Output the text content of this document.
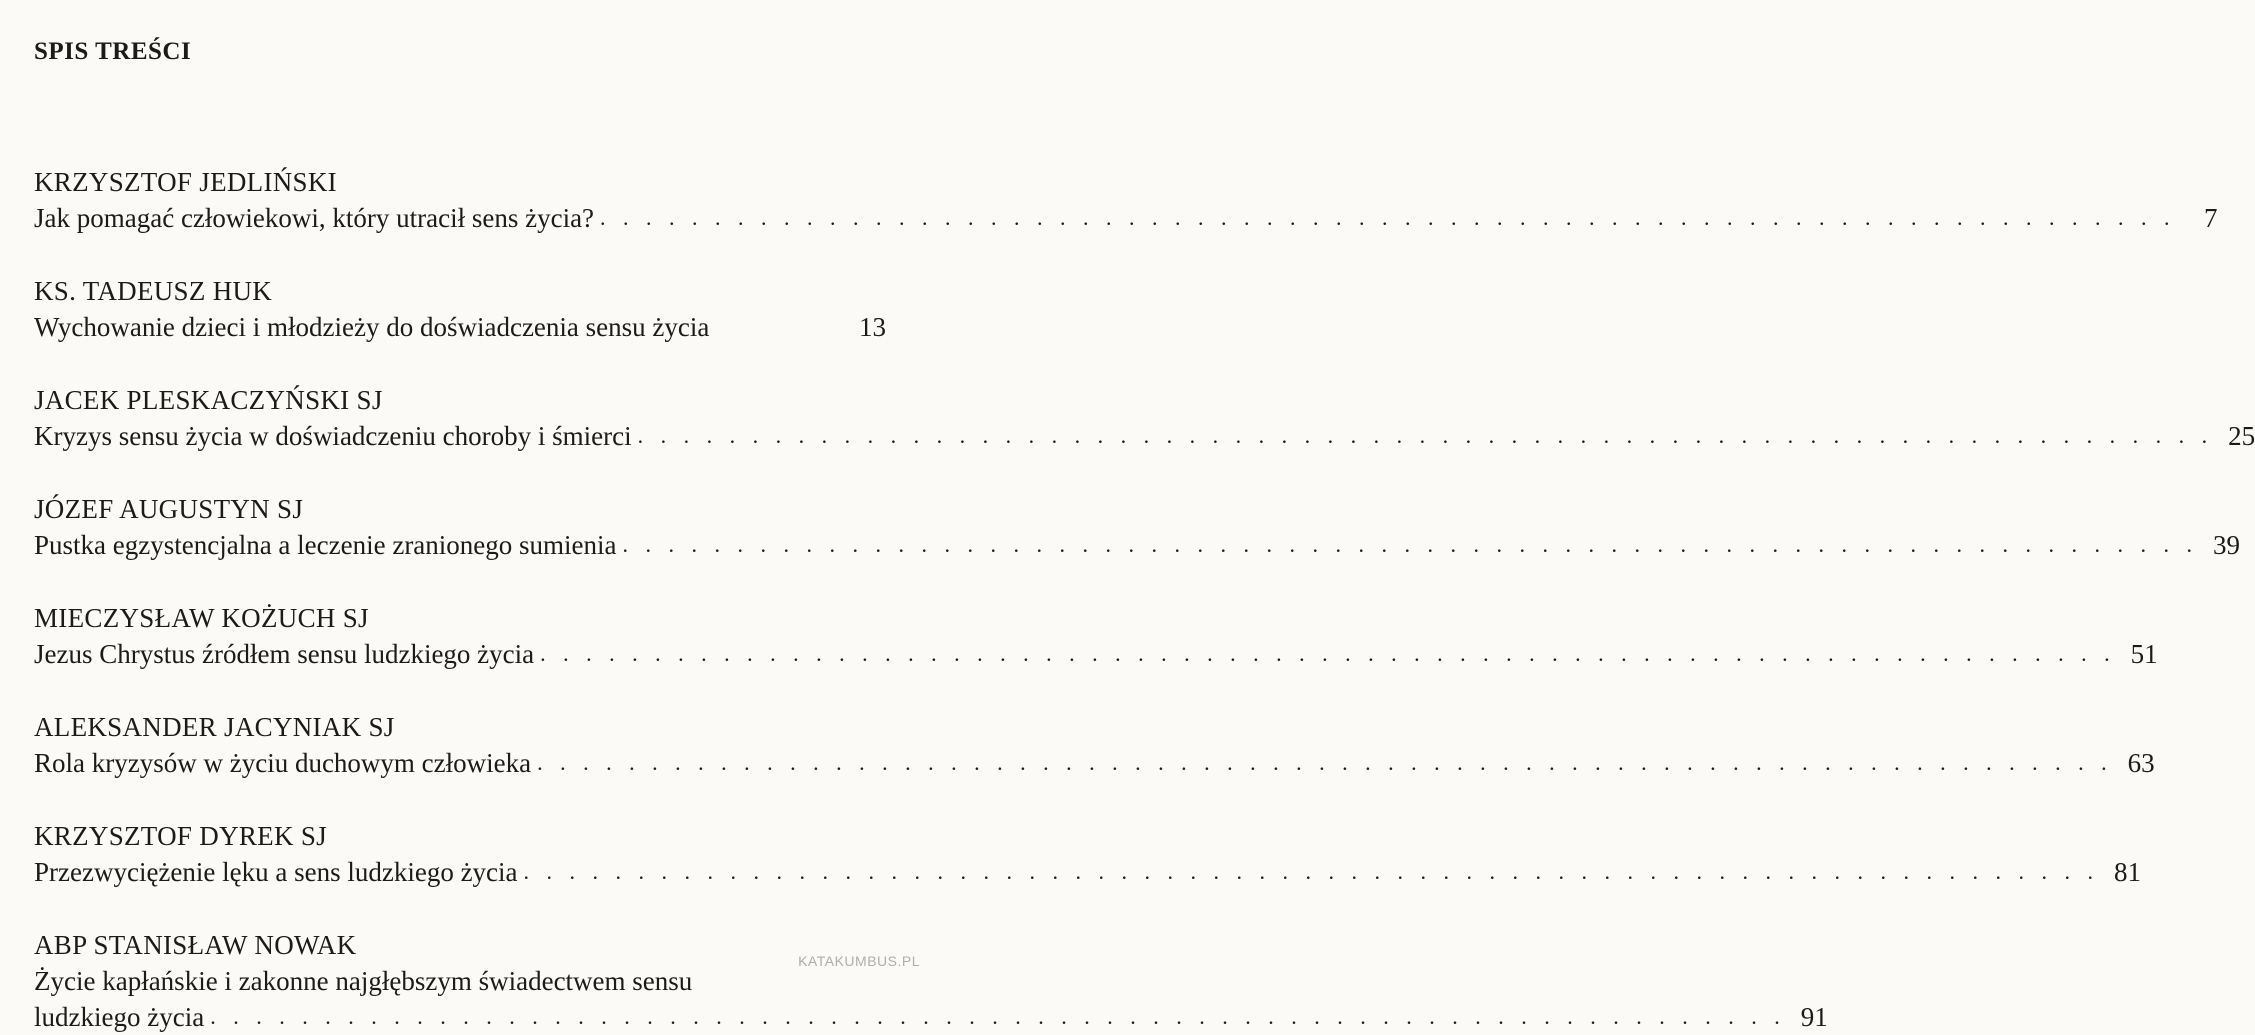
SPIS TREŚCI
KRZYSZTOF JEDLIŃSKI
Jak pomagać człowiekowi, który utracił sens życia? . . . . . . . . . . . . . . . . . . . . . . . . . . . . . . . . . . . . . . . . . . . . . . . . . . . . . . . . . . . . . . . . . . . . .	7
KS. TADEUSZ HUK
Wychowanie dzieci i młodzieży do doświadczenia sensu życia	13
JACEK PLESKACZYŃSKI SJ
Kryzys sensu życia w doświadczeniu choroby i śmierci . . . . . . . . . . . . . . . . . . . . . . . . . . . . . . . . . . . . . . . . . . . . . . . . . . . . . . . . . . . . . . . . . . . . . 25
JÓZEF AUGUSTYN SJ
Pustka egzystencjalna a leczenie zranionego sumienia . . . . . . . . . . . . . . . . . . . . . . . . . . . . . . . . . . . . . . . . . . . . . . . . . . . . . . . . . . . . . . . . . . . . . 39
MIECZYSŁAW KOŻUCH SJ
Jezus Chrystus źródłem sensu ludzkiego życia . . . . . . . . . . . . . . . . . . . . . . . . . . . . . . . . . . . . . . . . . . . . . . . . . . . . . . . . . . . . . . . . . . . . . 51
ALEKSANDER JACYNIAK SJ
Rola kryzysów w życiu duchowym człowieka . . . . . . . . . . . . . . . . . . . . . . . . . . . . . . . . . . . . . . . . . . . . . . . . . . . . . . . . . . . . . . . . . . . . . 63
KRZYSZTOF DYREK SJ
Przezwyciężenie lęku a sens ludzkiego życia . . . . . . . . . . . . . . . . . . . . . . . . . . . . . . . . . . . . . . . . . . . . . . . . . . . . . . . . . . . . . . . . . . . . . 81
ABP STANISŁAW NOWAK
Życie kapłańskie i zakonne najgłębszym świadectwem sensu
ludzkiego życia . . . . . . . . . . . . . . . . . . . . . . . . . . . . . . . . . . . . . . . . . . . . . . . . . . . . . . . . . . . . . . . . . . . . . 91
KATAKUMBUS.PL
